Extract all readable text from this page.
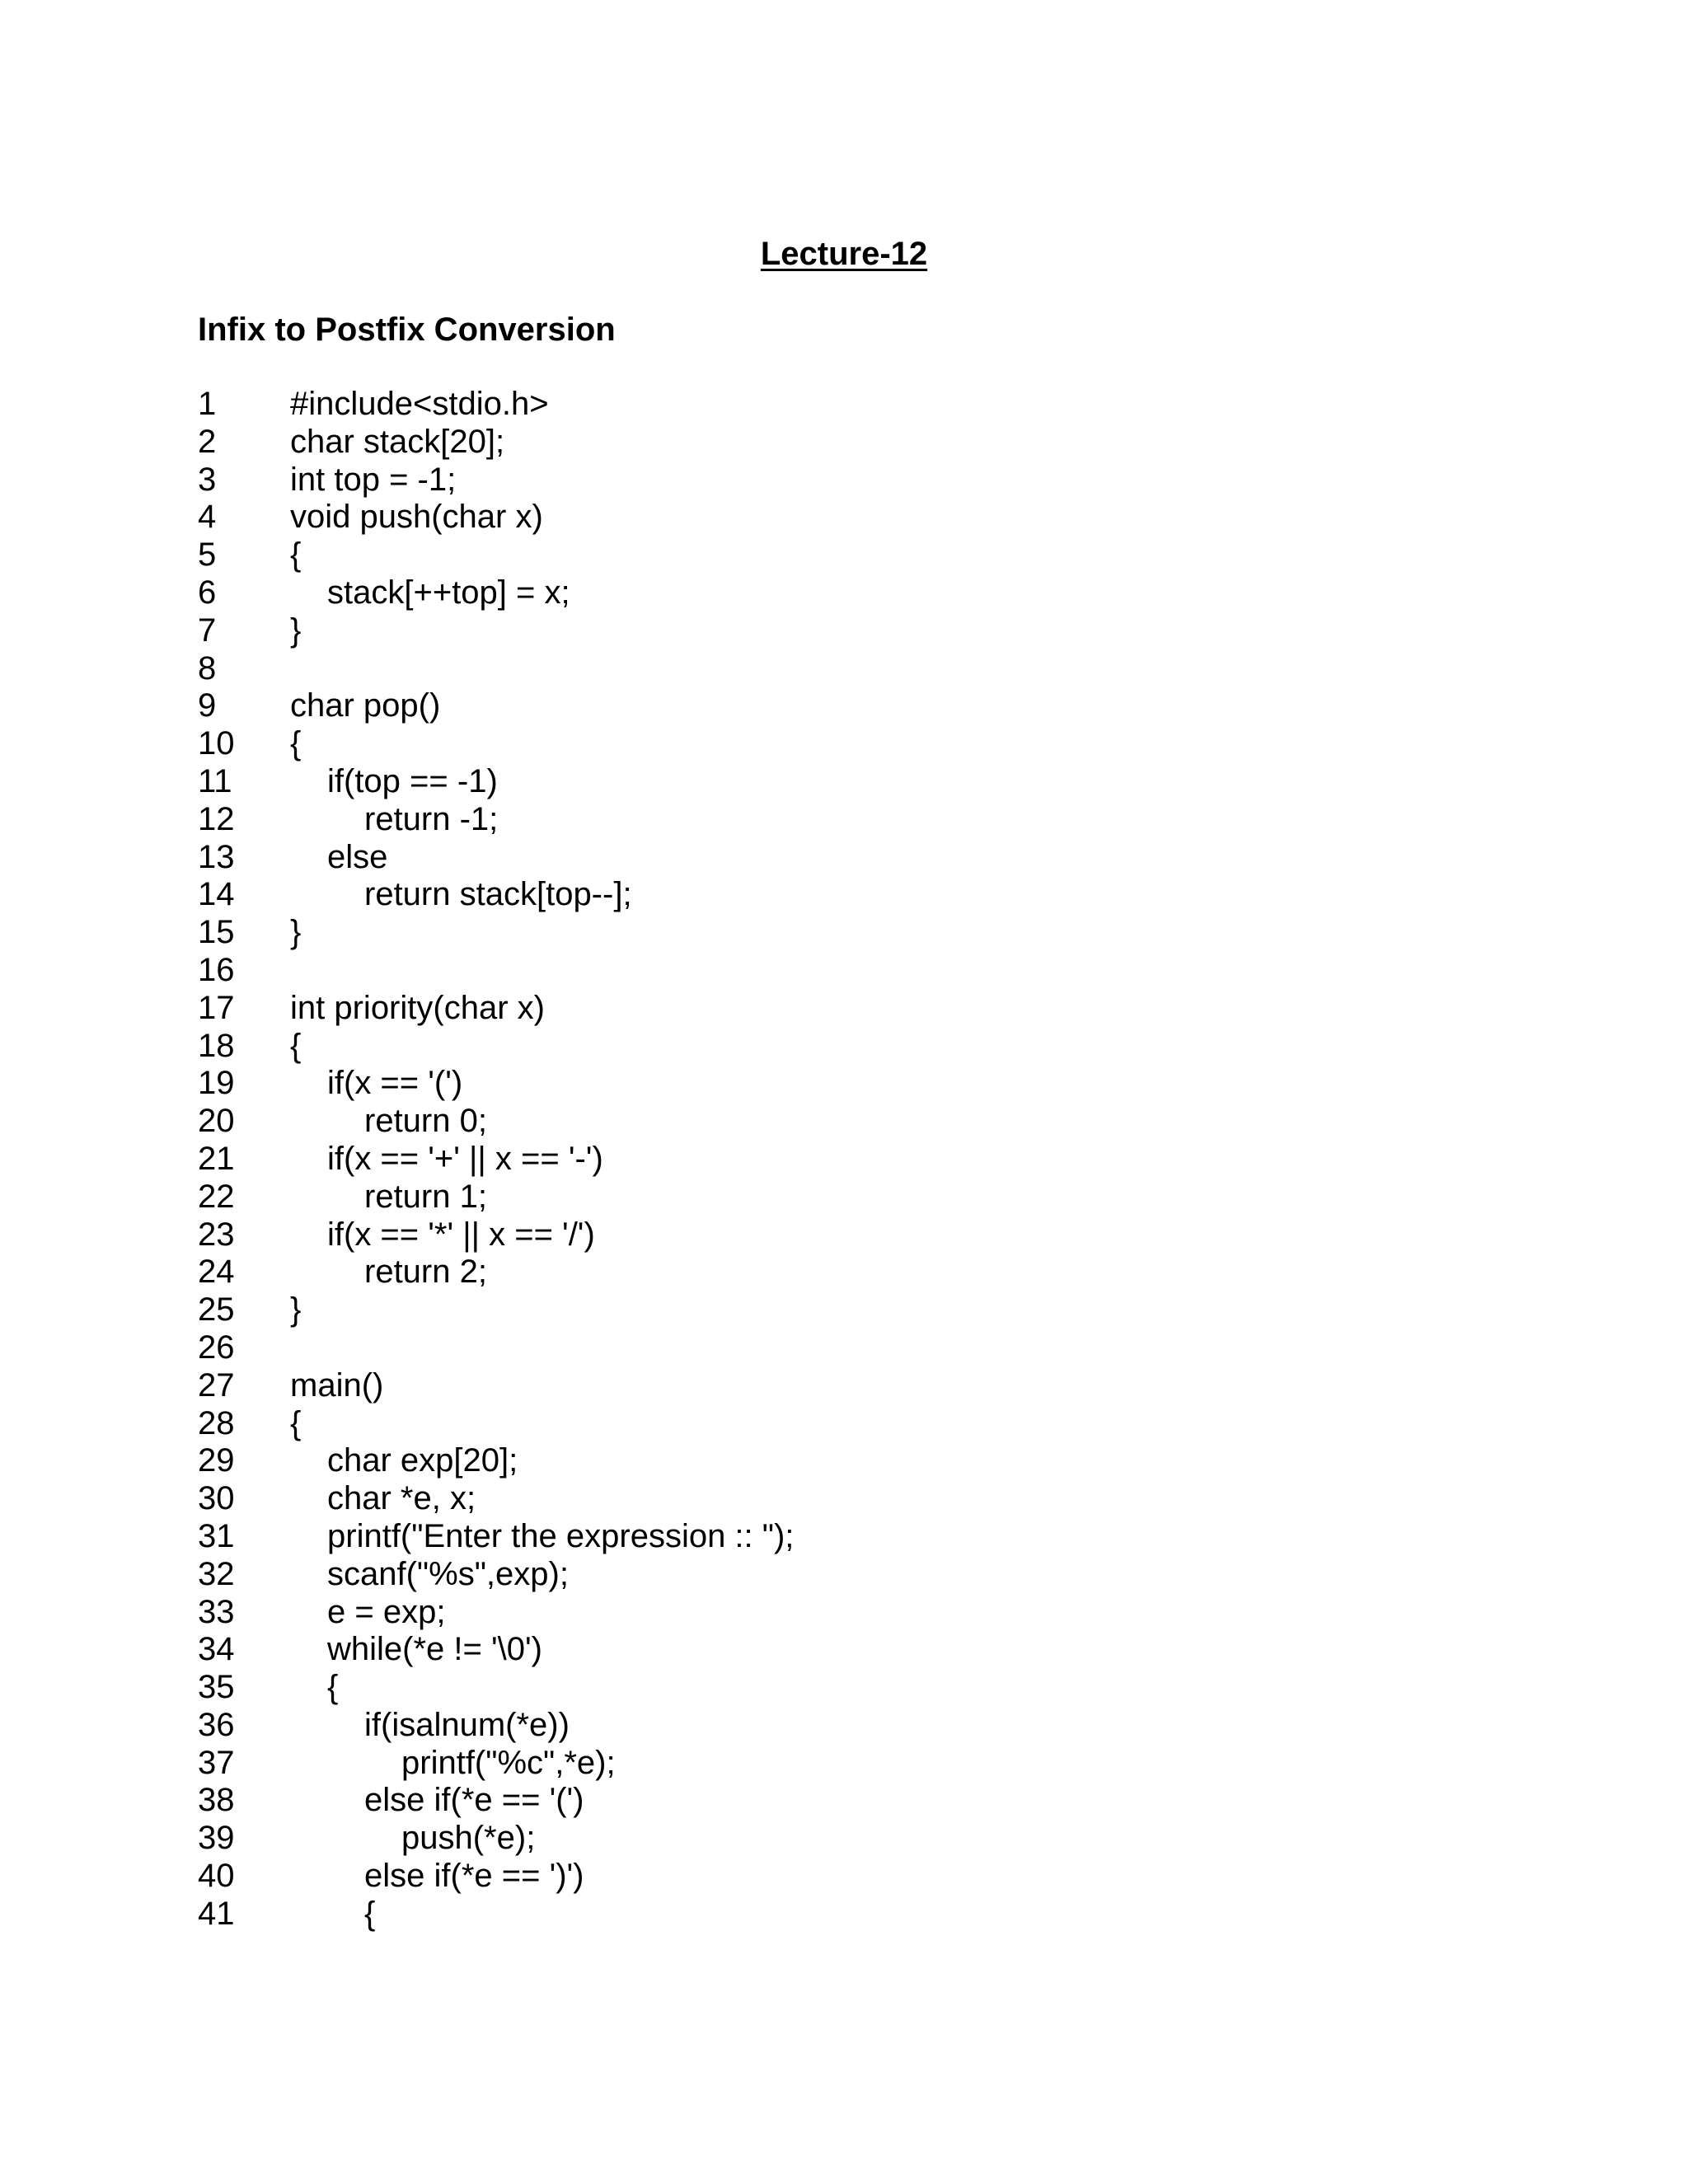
Lecture-12
Infix to Postfix Conversion
1	#include<stdio.h>
2	char stack[20];
3	int top = -1;
4	void push(char x)
5	{
6	stack[++top] = x;
7	}
8
9	char pop()
10	{
11	if(top == -1)
12	return -1;
13	else
14	return stack[top--];
15	}
16
17	int priority(char x)
18	{
19	if(x == '(')
20	return 0;
21	if(x == '+' || x == '-')
22	return 1;
23	if(x == '*' || x == '/')
24	return 2;
25	}
26
27	main()
28	{
29	char exp[20];
30	char *e, x;
31	printf("Enter the expression :: ");
32	scanf("%s",exp);
33	e = exp;
34	while(*e != '\0')
35	{
36	if(isalnum(*e))
37	printf("%c",*e);
38	else if(*e == '(')
39	push(*e);
40	else if(*e == ')')
41	{
